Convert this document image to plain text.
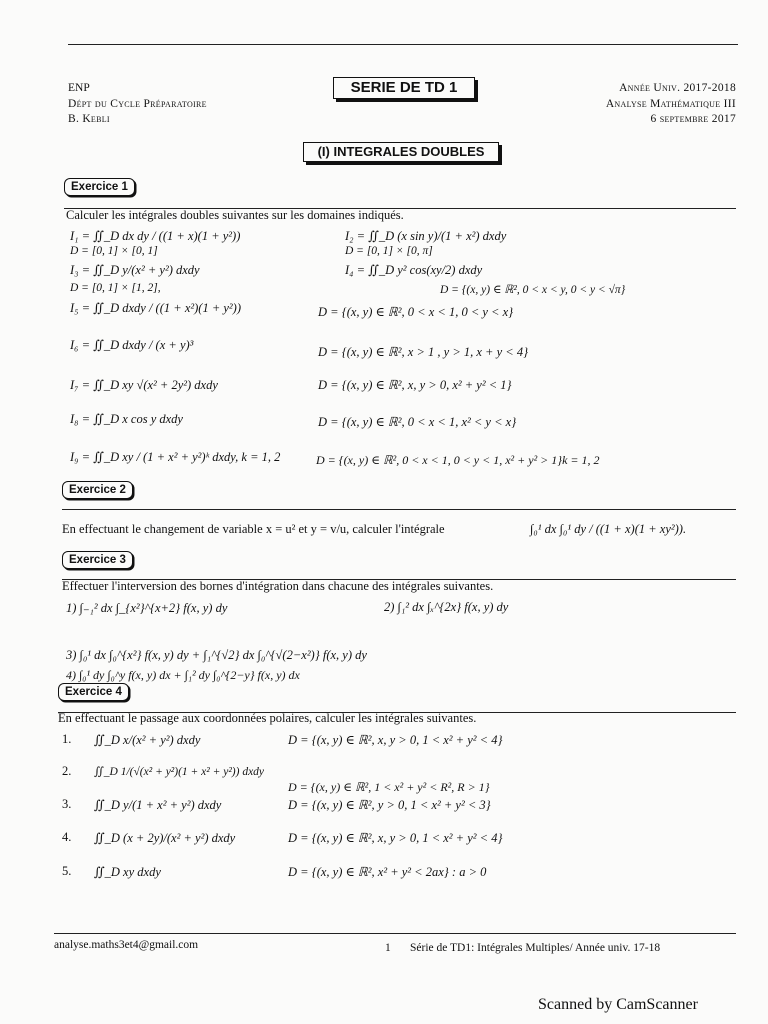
ENP
Dépt du Cycle Préparatoire
B. Kebli
SERIE DE TD 1	Année Univ. 2017-2018
Analyse Mathématique III
6 septembre 2017
(I) INTEGRALES DOUBLES
Exercice 1
Calculer les intégrales doubles suivantes sur les domaines indiqués.
I₁ = ∬_D dx dy / ((1 + x)(1 + y²))
D = [0, 1] × [0, 1]
I₂ = ∬_D (x sin y)/(1 + x²) dxdy
D = [0, 1] × [0, π]
I₃ = ∬_D y/(x² + y²) dxdy
D = [0, 1] × [1, 2],
I₄ = ∬_D y² cos(xy/2) dxdy
D = {(x, y) ∈ ℝ², 0 < x < y, 0 < y < √π}
I₅ = ∬_D dxdy / ((1 + x²)(1 + y²))	D = {(x, y) ∈ ℝ², 0 < x < 1, 0 < y < x}
I₆ = ∬_D dxdy / (x + y)³	D = {(x, y) ∈ ℝ², x > 1 , y > 1, x + y < 4}
I₇ = ∬_D xy √(x² + 2y²) dxdy	D = {(x, y) ∈ ℝ², x, y > 0, x² + y² < 1}
I₈ = ∬_D x cos y dxdy	D = {(x, y) ∈ ℝ², 0 < x < 1, x² < y < x}
I₉ = ∬_D xy / (1 + x² + y²)ᵏ dxdy, k = 1, 2	D = {(x, y) ∈ ℝ², 0 < x < 1, 0 < y < 1, x² + y² > 1}k = 1, 2
Exercice 2
En effectuant le changement de variable x = u² et y = v/u, calculer l'intégrale	∫₀¹ dx ∫₀¹ dy / ((1 + x)(1 + xy²)).
Exercice 3
Effectuer l'interversion des bornes d'intégration dans chacune des intégrales suivantes.
1) ∫₋₁² dx ∫_{x²}^{x+2} f(x, y) dy	2) ∫₁² dx ∫ₓ^{2x} f(x, y) dy
3) ∫₀¹ dx ∫₀^{x²} f(x, y) dy + ∫₁^{√2} dx ∫₀^{√(2−x²)} f(x, y) dy
4) ∫₀¹ dy ∫₀^y f(x, y) dx + ∫₁² dy ∫₀^{2−y} f(x, y) dx
Exercice 4
En effectuant le passage aux coordonnées polaires, calculer les intégrales suivantes.
1. ∬_D x/(x² + y²) dxdy	D = {(x, y) ∈ ℝ², x, y > 0, 1 < x² + y² < 4}
2. ∬_D 1/(√(x² + y²)(1 + x² + y²)) dxdy
D = {(x, y) ∈ ℝ², 1 < x² + y² < R², R > 1}
3. ∬_D y/(1 + x² + y²) dxdy	D = {(x, y) ∈ ℝ², y > 0, 1 < x² + y² < 3}
4. ∬_D (x + 2y)/(x² + y²) dxdy	D = {(x, y) ∈ ℝ², x, y > 0, 1 < x² + y² < 4}
5. ∬_D xy dxdy	D = {(x, y) ∈ ℝ², x² + y² < 2ax} : a > 0
analyse.maths3et4@gmail.com	1 Série de TD1: Intégrales Multiples/ Année univ. 17-18
Scanned by CamScanner
